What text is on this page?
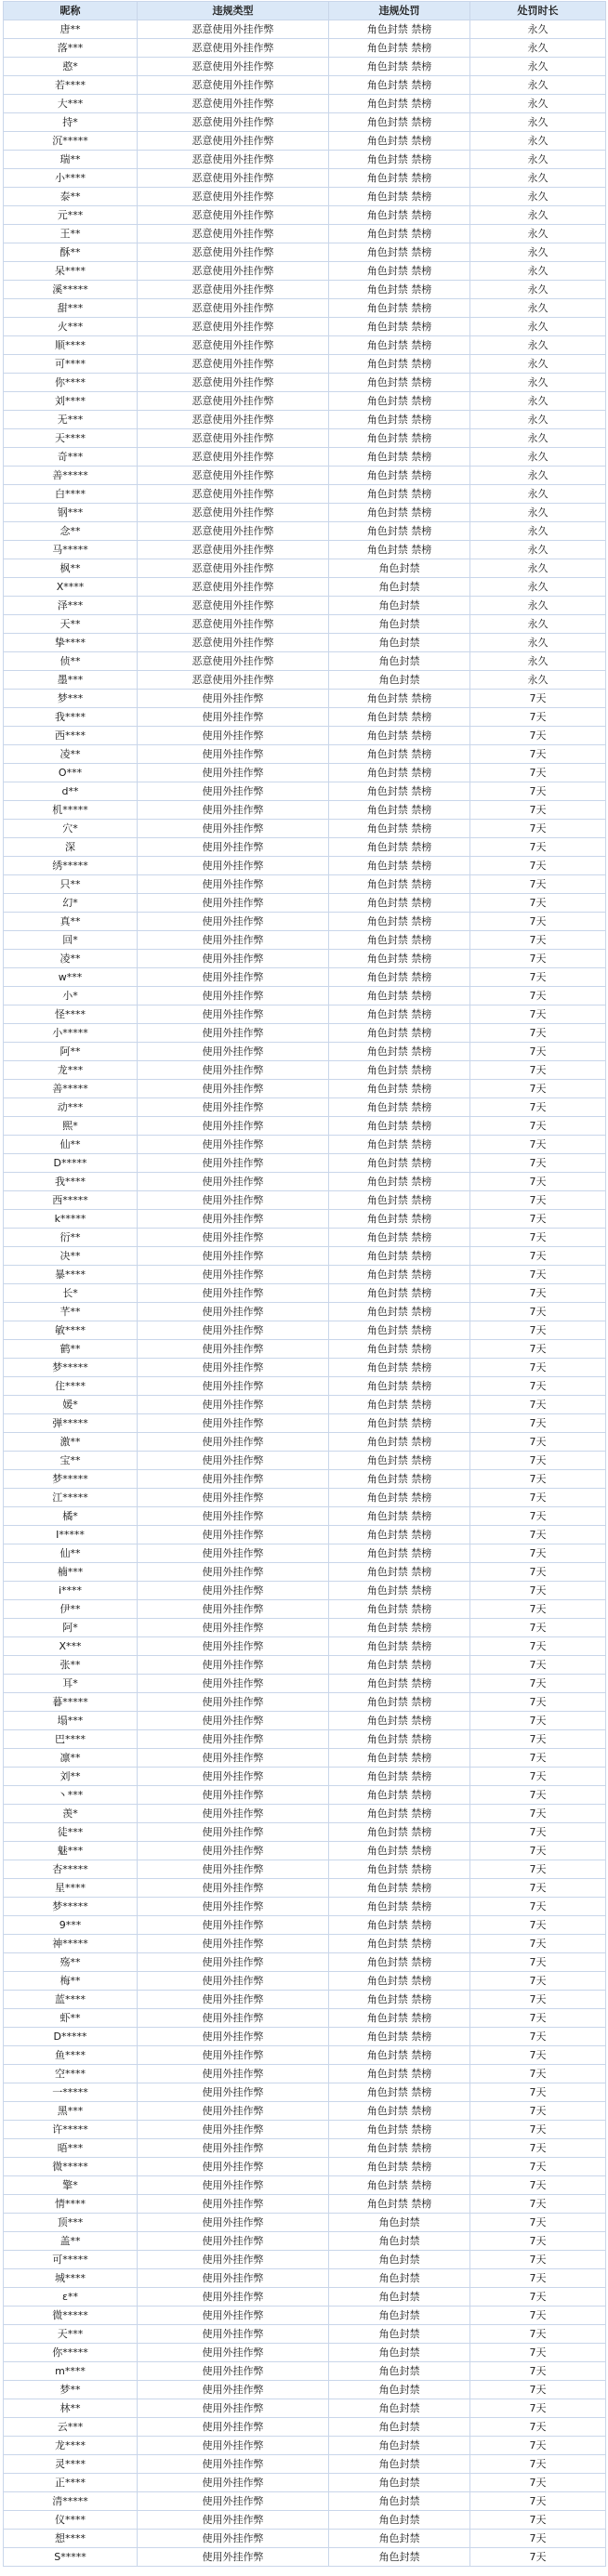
昵称	违规类型	违规处罚	处罚时长
唐**	恶意使用外挂作弊	角色封禁 禁榜	永久
落***	恶意使用外挂作弊	角色封禁 禁榜	永久
憨*	恶意使用外挂作弊	角色封禁 禁榜	永久
若****	恶意使用外挂作弊	角色封禁 禁榜	永久
大***	恶意使用外挂作弊	角色封禁 禁榜	永久
持*	恶意使用外挂作弊	角色封禁 禁榜	永久
沉*****	恶意使用外挂作弊	角色封禁 禁榜	永久
瑞**	恶意使用外挂作弊	角色封禁 禁榜	永久
小****	恶意使用外挂作弊	角色封禁 禁榜	永久
泰**	恶意使用外挂作弊	角色封禁 禁榜	永久
元***	恶意使用外挂作弊	角色封禁 禁榜	永久
王**	恶意使用外挂作弊	角色封禁 禁榜	永久
酥**	恶意使用外挂作弊	角色封禁 禁榜	永久
呆****	恶意使用外挂作弊	角色封禁 禁榜	永久
溪*****	恶意使用外挂作弊	角色封禁 禁榜	永久
甜***	恶意使用外挂作弊	角色封禁 禁榜	永久
火***	恶意使用外挂作弊	角色封禁 禁榜	永久
顺****	恶意使用外挂作弊	角色封禁 禁榜	永久
可****	恶意使用外挂作弊	角色封禁 禁榜	永久
你****	恶意使用外挂作弊	角色封禁 禁榜	永久
刘****	恶意使用外挂作弊	角色封禁 禁榜	永久
无***	恶意使用外挂作弊	角色封禁 禁榜	永久
天****	恶意使用外挂作弊	角色封禁 禁榜	永久
奇***	恶意使用外挂作弊	角色封禁 禁榜	永久
善*****	恶意使用外挂作弊	角色封禁 禁榜	永久
白****	恶意使用外挂作弊	角色封禁 禁榜	永久
钢***	恶意使用外挂作弊	角色封禁 禁榜	永久
念**	恶意使用外挂作弊	角色封禁 禁榜	永久
马*****	恶意使用外挂作弊	角色封禁 禁榜	永久
枫**	恶意使用外挂作弊	角色封禁	永久
X****	恶意使用外挂作弊	角色封禁	永久
泽***	恶意使用外挂作弊	角色封禁	永久
天**	恶意使用外挂作弊	角色封禁	永久
挚****	恶意使用外挂作弊	角色封禁	永久
侦**	恶意使用外挂作弊	角色封禁	永久
墨***	恶意使用外挂作弊	角色封禁	永久
梦***	使用外挂作弊	角色封禁 禁榜	7天
我****	使用外挂作弊	角色封禁 禁榜	7天
西****	使用外挂作弊	角色封禁 禁榜	7天
凌**	使用外挂作弊	角色封禁 禁榜	7天
O***	使用外挂作弊	角色封禁 禁榜	7天
d**	使用外挂作弊	角色封禁 禁榜	7天
机*****	使用外挂作弊	角色封禁 禁榜	7天
穴*	使用外挂作弊	角色封禁 禁榜	7天
深	使用外挂作弊	角色封禁 禁榜	7天
绣*****	使用外挂作弊	角色封禁 禁榜	7天
只**	使用外挂作弊	角色封禁 禁榜	7天
幻*	使用外挂作弊	角色封禁 禁榜	7天
真**	使用外挂作弊	角色封禁 禁榜	7天
回*	使用外挂作弊	角色封禁 禁榜	7天
凌**	使用外挂作弊	角色封禁 禁榜	7天
w***	使用外挂作弊	角色封禁 禁榜	7天
小*	使用外挂作弊	角色封禁 禁榜	7天
怪****	使用外挂作弊	角色封禁 禁榜	7天
小*****	使用外挂作弊	角色封禁 禁榜	7天
阿**	使用外挂作弊	角色封禁 禁榜	7天
龙***	使用外挂作弊	角色封禁 禁榜	7天
善*****	使用外挂作弊	角色封禁 禁榜	7天
动***	使用外挂作弊	角色封禁 禁榜	7天
熙*	使用外挂作弊	角色封禁 禁榜	7天
仙**	使用外挂作弊	角色封禁 禁榜	7天
D*****	使用外挂作弊	角色封禁 禁榜	7天
我****	使用外挂作弊	角色封禁 禁榜	7天
西*****	使用外挂作弊	角色封禁 禁榜	7天
k*****	使用外挂作弊	角色封禁 禁榜	7天
衍**	使用外挂作弊	角色封禁 禁榜	7天
决**	使用外挂作弊	角色封禁 禁榜	7天
暴****	使用外挂作弊	角色封禁 禁榜	7天
长*	使用外挂作弊	角色封禁 禁榜	7天
芊**	使用外挂作弊	角色封禁 禁榜	7天
敏****	使用外挂作弊	角色封禁 禁榜	7天
鹤**	使用外挂作弊	角色封禁 禁榜	7天
梦*****	使用外挂作弊	角色封禁 禁榜	7天
住****	使用外挂作弊	角色封禁 禁榜	7天
媛*	使用外挂作弊	角色封禁 禁榜	7天
弹*****	使用外挂作弊	角色封禁 禁榜	7天
激**	使用外挂作弊	角色封禁 禁榜	7天
宝**	使用外挂作弊	角色封禁 禁榜	7天
梦*****	使用外挂作弊	角色封禁 禁榜	7天
江*****	使用外挂作弊	角色封禁 禁榜	7天
橘*	使用外挂作弊	角色封禁 禁榜	7天
I*****	使用外挂作弊	角色封禁 禁榜	7天
仙**	使用外挂作弊	角色封禁 禁榜	7天
楠***	使用外挂作弊	角色封禁 禁榜	7天
i****	使用外挂作弊	角色封禁 禁榜	7天
伊**	使用外挂作弊	角色封禁 禁榜	7天
阿*	使用外挂作弊	角色封禁 禁榜	7天
X***	使用外挂作弊	角色封禁 禁榜	7天
张**	使用外挂作弊	角色封禁 禁榜	7天
耳*	使用外挂作弊	角色封禁 禁榜	7天
暮*****	使用外挂作弊	角色封禁 禁榜	7天
塌***	使用外挂作弊	角色封禁 禁榜	7天
巴****	使用外挂作弊	角色封禁 禁榜	7天
凛**	使用外挂作弊	角色封禁 禁榜	7天
刘**	使用外挂作弊	角色封禁 禁榜	7天
丶***	使用外挂作弊	角色封禁 禁榜	7天
羡*	使用外挂作弊	角色封禁 禁榜	7天
徒***	使用外挂作弊	角色封禁 禁榜	7天
魅***	使用外挂作弊	角色封禁 禁榜	7天
杏*****	使用外挂作弊	角色封禁 禁榜	7天
星****	使用外挂作弊	角色封禁 禁榜	7天
梦*****	使用外挂作弊	角色封禁 禁榜	7天
9***	使用外挂作弊	角色封禁 禁榜	7天
神*****	使用外挂作弊	角色封禁 禁榜	7天
殇**	使用外挂作弊	角色封禁 禁榜	7天
梅**	使用外挂作弊	角色封禁 禁榜	7天
蓝****	使用外挂作弊	角色封禁 禁榜	7天
虾**	使用外挂作弊	角色封禁 禁榜	7天
D*****	使用外挂作弊	角色封禁 禁榜	7天
鱼****	使用外挂作弊	角色封禁 禁榜	7天
空****	使用外挂作弊	角色封禁 禁榜	7天
一*****	使用外挂作弊	角色封禁 禁榜	7天
黑***	使用外挂作弊	角色封禁 禁榜	7天
许*****	使用外挂作弊	角色封禁 禁榜	7天
晤***	使用外挂作弊	角色封禁 禁榜	7天
微*****	使用外挂作弊	角色封禁 禁榜	7天
擎*	使用外挂作弊	角色封禁 禁榜	7天
情****	使用外挂作弊	角色封禁 禁榜	7天
顶***	使用外挂作弊	角色封禁	7天
盖**	使用外挂作弊	角色封禁	7天
可*****	使用外挂作弊	角色封禁	7天
城****	使用外挂作弊	角色封禁	7天
ε**	使用外挂作弊	角色封禁	7天
微*****	使用外挂作弊	角色封禁	7天
天***	使用外挂作弊	角色封禁	7天
你*****	使用外挂作弊	角色封禁	7天
m****	使用外挂作弊	角色封禁	7天
梦**	使用外挂作弊	角色封禁	7天
林**	使用外挂作弊	角色封禁	7天
云***	使用外挂作弊	角色封禁	7天
龙****	使用外挂作弊	角色封禁	7天
灵****	使用外挂作弊	角色封禁	7天
正****	使用外挂作弊	角色封禁	7天
清*****	使用外挂作弊	角色封禁	7天
仪****	使用外挂作弊	角色封禁	7天
想****	使用外挂作弊	角色封禁	7天
S*****	使用外挂作弊	角色封禁	7天
